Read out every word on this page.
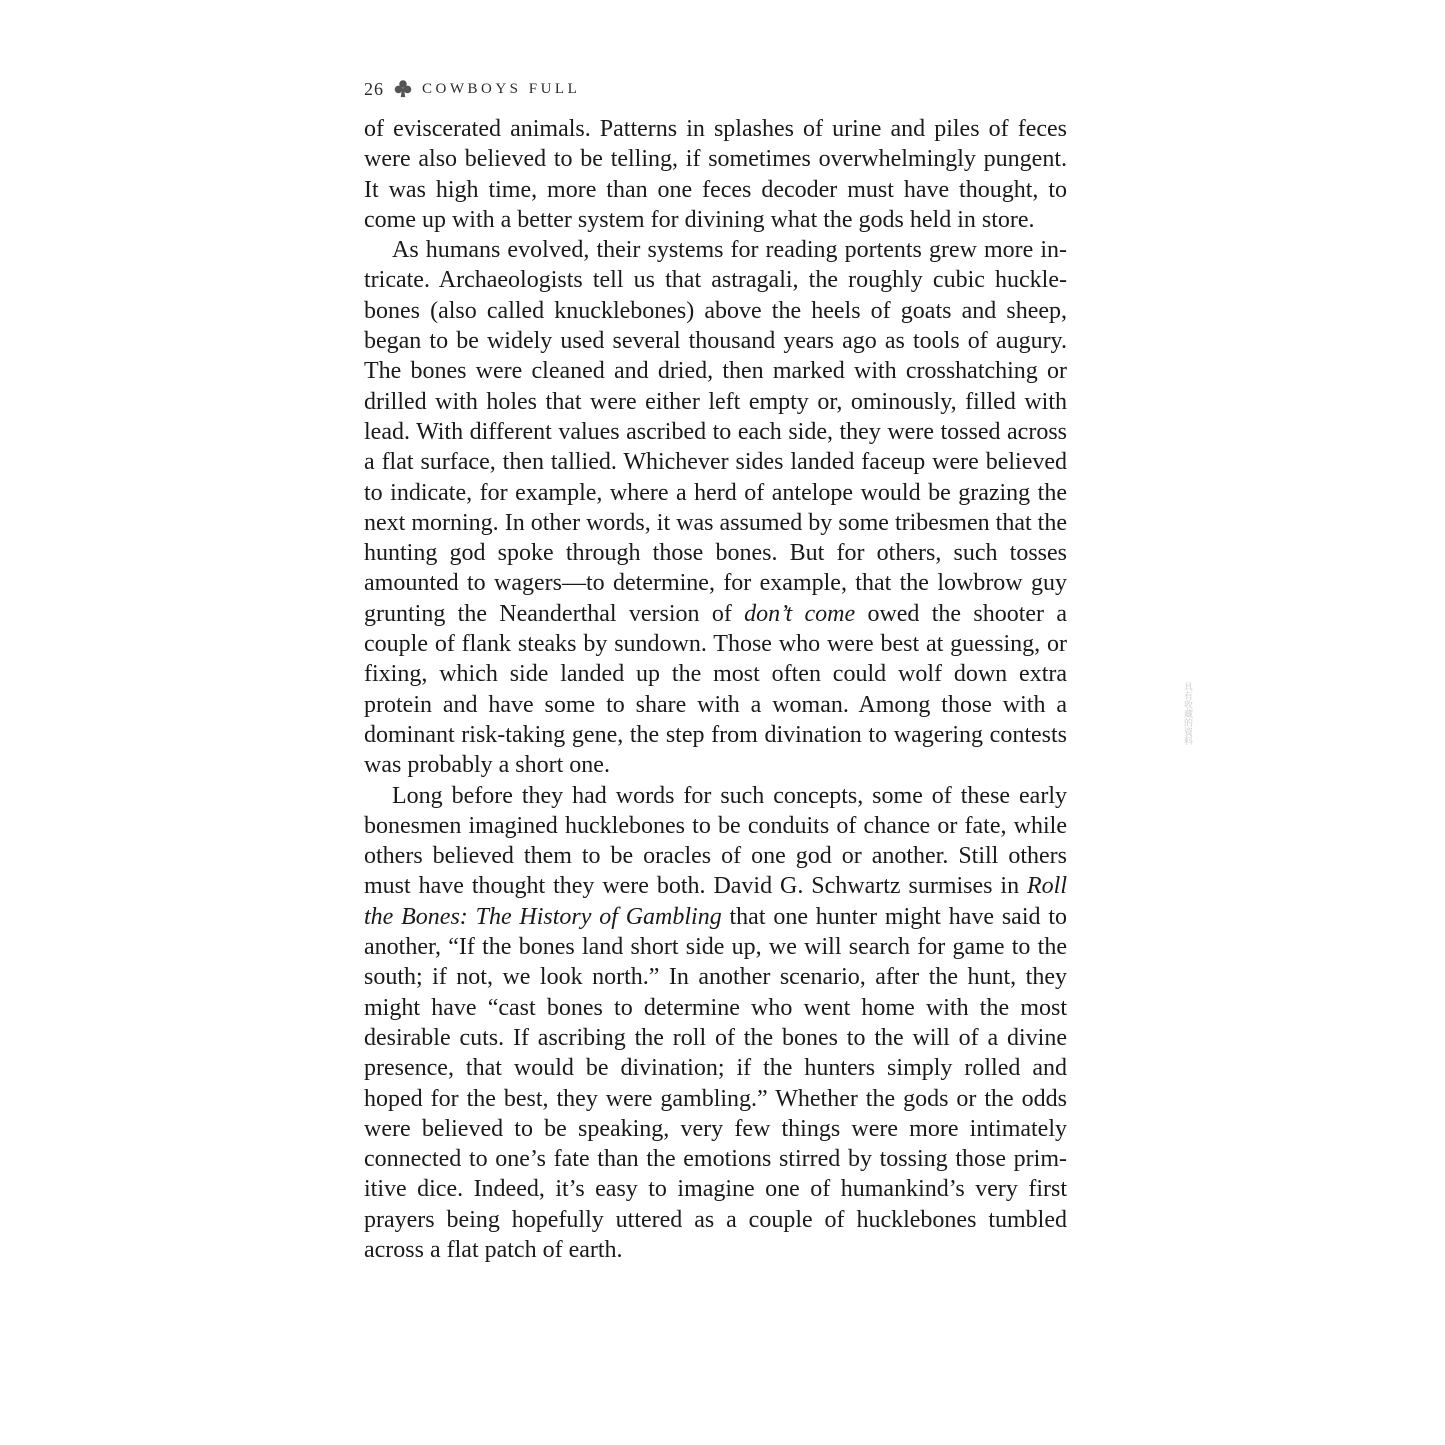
26	COWBOYS FULL

of eviscerated animals. Patterns in splashes of urine and piles of feces were also believed to be telling, if sometimes overwhelmingly pungent. It was high time, more than one feces decoder must have thought, to come up with a better system for divining what the gods held in store.

As humans evolved, their systems for reading portents grew more intricate. Archaeologists tell us that astragali, the roughly cubic hucklebones (also called knucklebones) above the heels of goats and sheep, began to be widely used several thousand years ago as tools of augury. The bones were cleaned and dried, then marked with crosshatching or drilled with holes that were either left empty or, ominously, filled with lead. With different values ascribed to each side, they were tossed across a flat surface, then tallied. Whichever sides landed faceup were believed to indicate, for example, where a herd of antelope would be grazing the next morning. In other words, it was assumed by some tribesmen that the hunting god spoke through those bones. But for others, such tosses amounted to wagers—to determine, for example, that the lowbrow guy grunting the Neanderthal version of don’t come owed the shooter a couple of flank steaks by sundown. Those who were best at guessing, or fixing, which side landed up the most often could wolf down extra protein and have some to share with a woman. Among those with a dominant risk-taking gene, the step from divination to wagering contests was probably a short one.

Long before they had words for such concepts, some of these early bonesmen imagined hucklebones to be conduits of chance or fate, while others believed them to be oracles of one god or another. Still others must have thought they were both. David G. Schwartz surmises in Roll the Bones: The History of Gambling that one hunter might have said to another, “If the bones land short side up, we will search for game to the south; if not, we look north.” In another scenario, after the hunt, they might have “cast bones to determine who went home with the most desirable cuts. If ascribing the roll of the bones to the will of a divine presence, that would be divination; if the hunters simply rolled and hoped for the best, they were gambling.” Whether the gods or the odds were believed to be speaking, very few things were more intimately connected to one’s fate than the emotions stirred by tossing those primitive dice. Indeed, it’s easy to imagine one of humankind’s very first prayers being hopefully uttered as a couple of hucklebones tumbled across a flat patch of earth.

具有收藏的資料
